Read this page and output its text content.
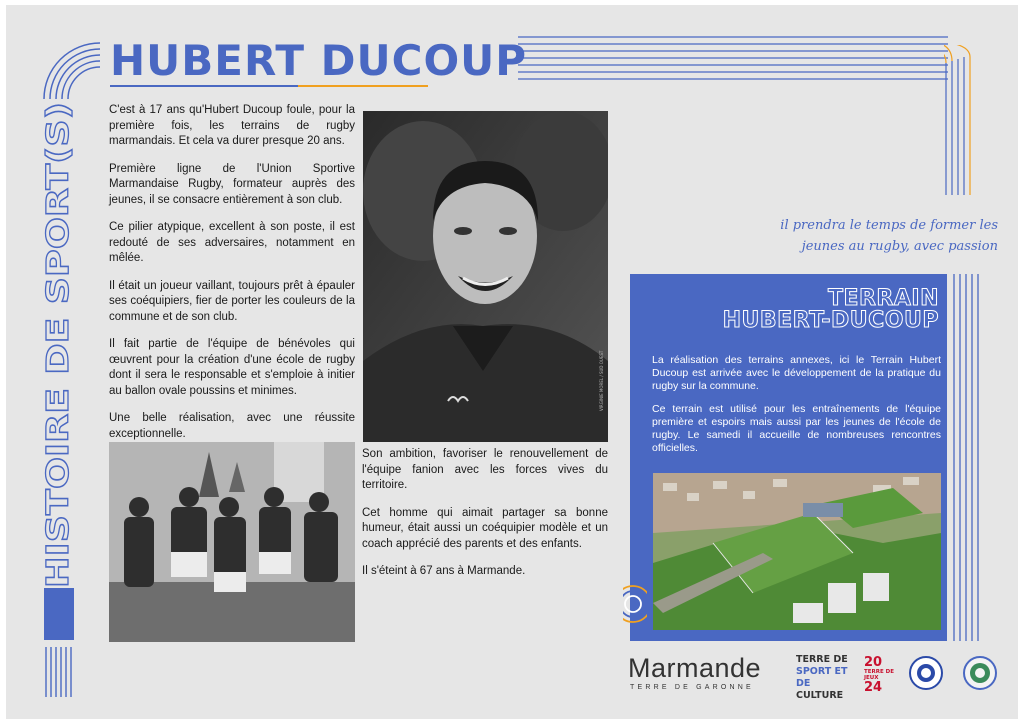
HISTOIRE DE SPORT(S)
HUBERT DUCOUP

C'est à 17 ans qu'Hubert Ducoup foule, pour la première fois, les terrains de rugby marmandais. Et cela va durer presque 20 ans.

Première ligne de l'Union Sportive Marmandaise Rugby, formateur auprès des jeunes, il se consacre entièrement à son club.

Ce pilier atypique, excellent à son poste, il est redouté de ses adversaires, notamment en mêlée.

Il était un joueur vaillant, toujours prêt à épauler ses coéquipiers, fier de porter les couleurs de la commune et de son club.

Il fait partie de l'équipe de bénévoles qui œuvrent pour la création d'une école de rugby dont il sera le responsable et s'emploie à initier au ballon ovale poussins et minimes.

Une belle réalisation, avec une réussite exceptionnelle.

VIRGINIE MOREL / SUD OUEST

Son ambition, favoriser le renouvellement de l'équipe fanion avec les forces vives du territoire.

Cet homme qui aimait partager sa bonne humeur, était aussi un coéquipier modèle et un coach apprécié des parents et des enfants.

Il s'éteint à 67 ans à Marmande.

il prendra le temps de former les
jeunes au rugby, avec passion

TERRAIN
HUBERT-DUCOUP

La réalisation des terrains annexes, ici le Terrain Hubert Ducoup est arrivée avec le développement de la pratique du rugby sur la commune.

Ce terrain est utilisé pour les entraînements de l'équipe première et espoirs mais aussi par les jeunes de l'école de rugby. Le samedi il accueille de nombreuses rencontres officielles.

Marmande
TERRE DE GARONNE
TERRE DE
SPORT ET DE
CULTURE
20
TERRE DE JEUX
24
